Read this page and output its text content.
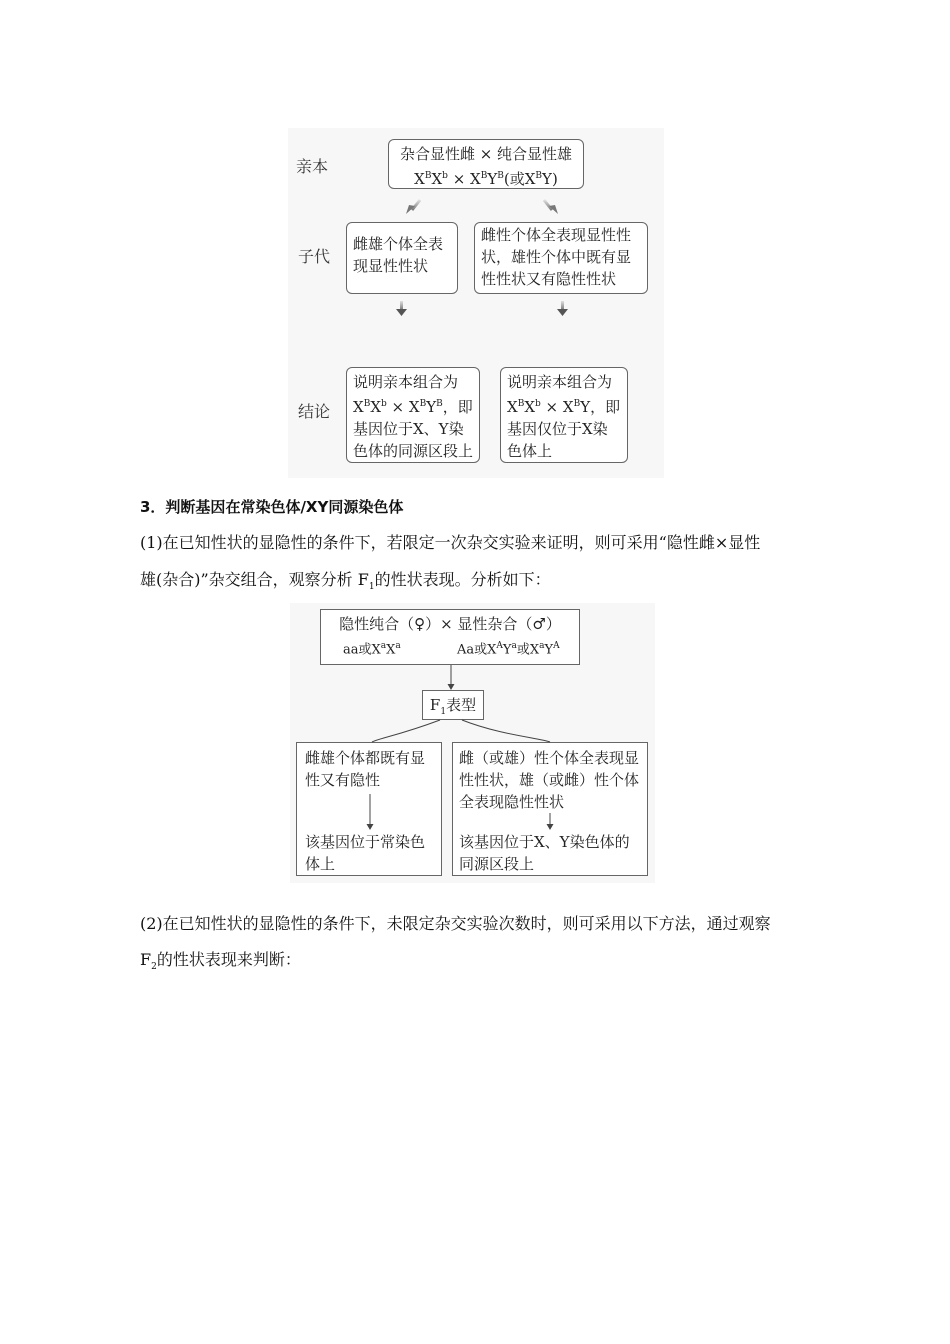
亲本
子代
结论
杂合显性雌 × 纯合显性雄
$X^BX^b \times X^BY^B$(或$X^BY$)
雌雄个体全表现显性性状
雌性个体全表现显性性状，雄性个体中既有显性性状又有隐性性状
说明亲本组合为
$X^BX^b \times X^BY^B$，即
基因位于X、Y染
色体的同源区段上
说明亲本组合为
$X^BX^b \times X^BY$，即
基因仅位于X染
色体上
3．判断基因在常染色体/XY同源染色体
(1)在已知性状的显隐性的条件下，若限定一次杂交实验来证明，则可采用“隐性雌×显性
雄(杂合)”杂交组合，观察分析 $F_1$的性状表现。分析如下：
隐性纯合（♀）× 显性杂合（♂）
aa或$X^aX^a$	Aa或$X^AY^a$或$X^aY^A$
$F_1$表型
雌雄个体都既有显性又有隐性
该基因位于常染色体上
雌（或雄）性个体全表现显性性状，雄（或雌）性个体全表现隐性性状
该基因位于X、Y染色体的同源区段上
(2)在已知性状的显隐性的条件下，未限定杂交实验次数时，则可采用以下方法，通过观察
$F_2$的性状表现来判断：
